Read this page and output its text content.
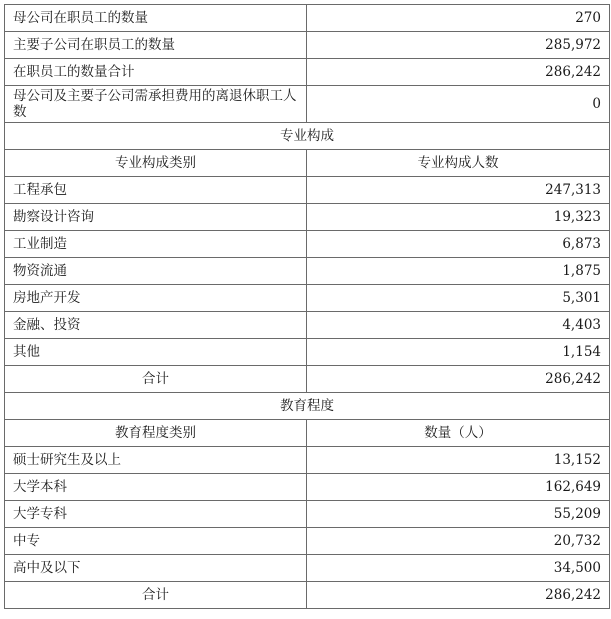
母公司在职员工的数量	270
主要子公司在职员工的数量	285,972
在职员工的数量合计	286,242
母公司及主要子公司需承担费用的离退休职工人数	0
专业构成	
专业构成类别	专业构成人数
工程承包	247,313
勘察设计咨询	19,323
工业制造	6,873
物资流通	1,875
房地产开发	5,301
金融、投资	4,403
其他	1,154
合计	286,242
教育程度	
教育程度类别	数量（人）
硕士研究生及以上	13,152
大学本科	162,649
大学专科	55,209
中专	20,732
高中及以下	34,500
合计	286,242
